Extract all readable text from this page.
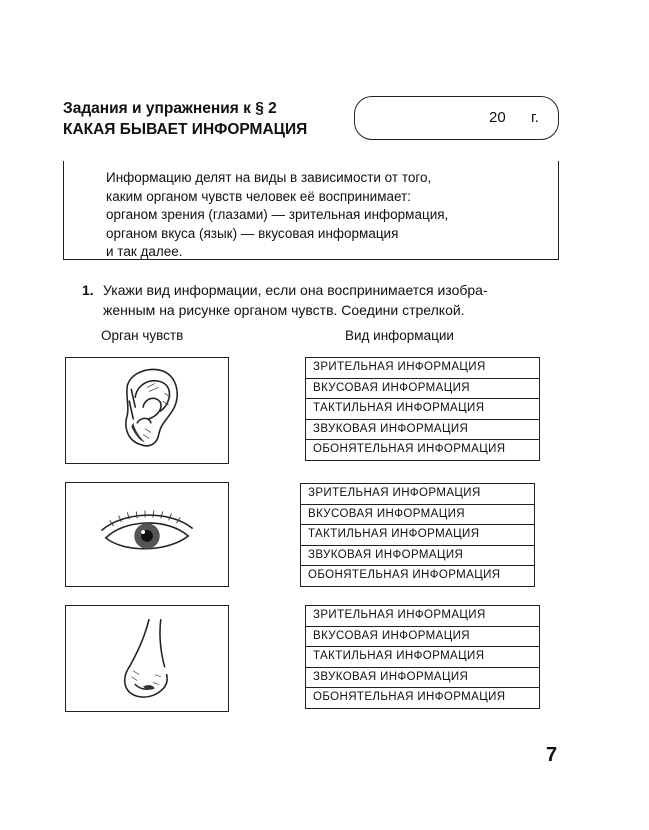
Задания и упражнения к § 2
КАКАЯ БЫВАЕТ ИНФОРМАЦИЯ
20 г.
Информацию делят на виды в зависимости от того,
каким органом чувств человек её воспринимает:
органом зрения (глазами) — зрительная информация,
органом вкуса (язык) — вкусовая информация
и так далее.
1. Укажи вид информации, если она воспринимается изобра-
женным на рисунке органом чувств. Соедини стрелкой.
Орган чувств	Вид информации
ЗРИТЕЛЬНАЯ ИНФОРМАЦИЯ
ВКУСОВАЯ ИНФОРМАЦИЯ
ТАКТИЛЬНАЯ ИНФОРМАЦИЯ
ЗВУКОВАЯ ИНФОРМАЦИЯ
ОБОНЯТЕЛЬНАЯ ИНФОРМАЦИЯ
ЗРИТЕЛЬНАЯ ИНФОРМАЦИЯ
ВКУСОВАЯ ИНФОРМАЦИЯ
ТАКТИЛЬНАЯ ИНФОРМАЦИЯ
ЗВУКОВАЯ ИНФОРМАЦИЯ
ОБОНЯТЕЛЬНАЯ ИНФОРМАЦИЯ
ЗРИТЕЛЬНАЯ ИНФОРМАЦИЯ
ВКУСОВАЯ ИНФОРМАЦИЯ
ТАКТИЛЬНАЯ ИНФОРМАЦИЯ
ЗВУКОВАЯ ИНФОРМАЦИЯ
ОБОНЯТЕЛЬНАЯ ИНФОРМАЦИЯ
7
